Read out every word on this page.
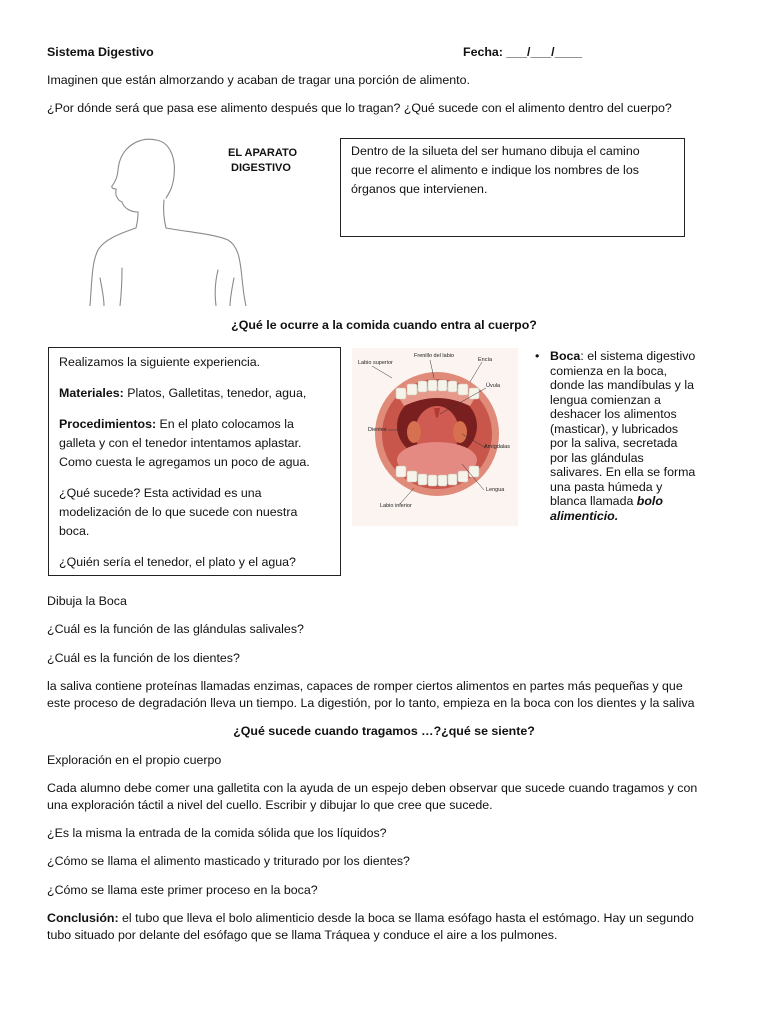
Sistema Digestivo	Fecha: ___/___/____
Imaginen que están almorzando y acaban de tragar una porción de alimento.
¿Por dónde será que pasa ese alimento después que lo tragan? ¿Qué sucede con el alimento dentro del cuerpo?
EL APARATO
DIGESTIVO
Dentro de la silueta del ser humano dibuja el camino
que recorre el alimento e indique los nombres de los
órganos que intervienen.
¿Qué le ocurre a la comida cuando entra al cuerpo?
Realizamos la siguiente experiencia.
Materiales: Platos, Galletitas, tenedor, agua,
Procedimientos: En el plato colocamos la
galleta y con el tenedor intentamos aplastar.
Como cuesta le agregamos un poco de agua.
¿Qué sucede? Esta actividad es una
modelización de lo que sucede con nuestra
boca.
¿Quién sería el tenedor, el plato y el agua?
Labio superior
Frenillo del labio
Encía
Úvula
Dientes
Amígdalas
Lengua
Labio inferior
• Boca: el sistema digestivo
comienza en la boca,
donde las mandíbulas y la
lengua comienzan a
deshacer los alimentos
(masticar), y lubricados
por la saliva, secretada
por las glándulas
salivares. En ella se forma
una pasta húmeda y
blanca llamada bolo
alimenticio.
Dibuja la Boca
¿Cuál es la función de las glándulas salivales?
¿Cuál es la función de los dientes?
la saliva contiene proteínas llamadas enzimas, capaces de romper ciertos alimentos en partes más pequeñas y que
este proceso de degradación lleva un tiempo. La digestión, por lo tanto, empieza en la boca con los dientes y la saliva
¿Qué sucede cuando tragamos …?¿qué se siente?
Exploración en el propio cuerpo
Cada alumno debe comer una galletita con la ayuda de un espejo deben observar que sucede cuando tragamos y con
una exploración táctil a nivel del cuello. Escribir y dibujar lo que cree que sucede.
¿Es la misma la entrada de la comida sólida que los líquidos?
¿Cómo se llama el alimento masticado y triturado por los dientes?
¿Cómo se llama este primer proceso en la boca?
Conclusión: el tubo que lleva el bolo alimenticio desde la boca se llama esófago hasta el estómago. Hay un segundo
tubo situado por delante del esófago que se llama Tráquea y conduce el aire a los pulmones.
